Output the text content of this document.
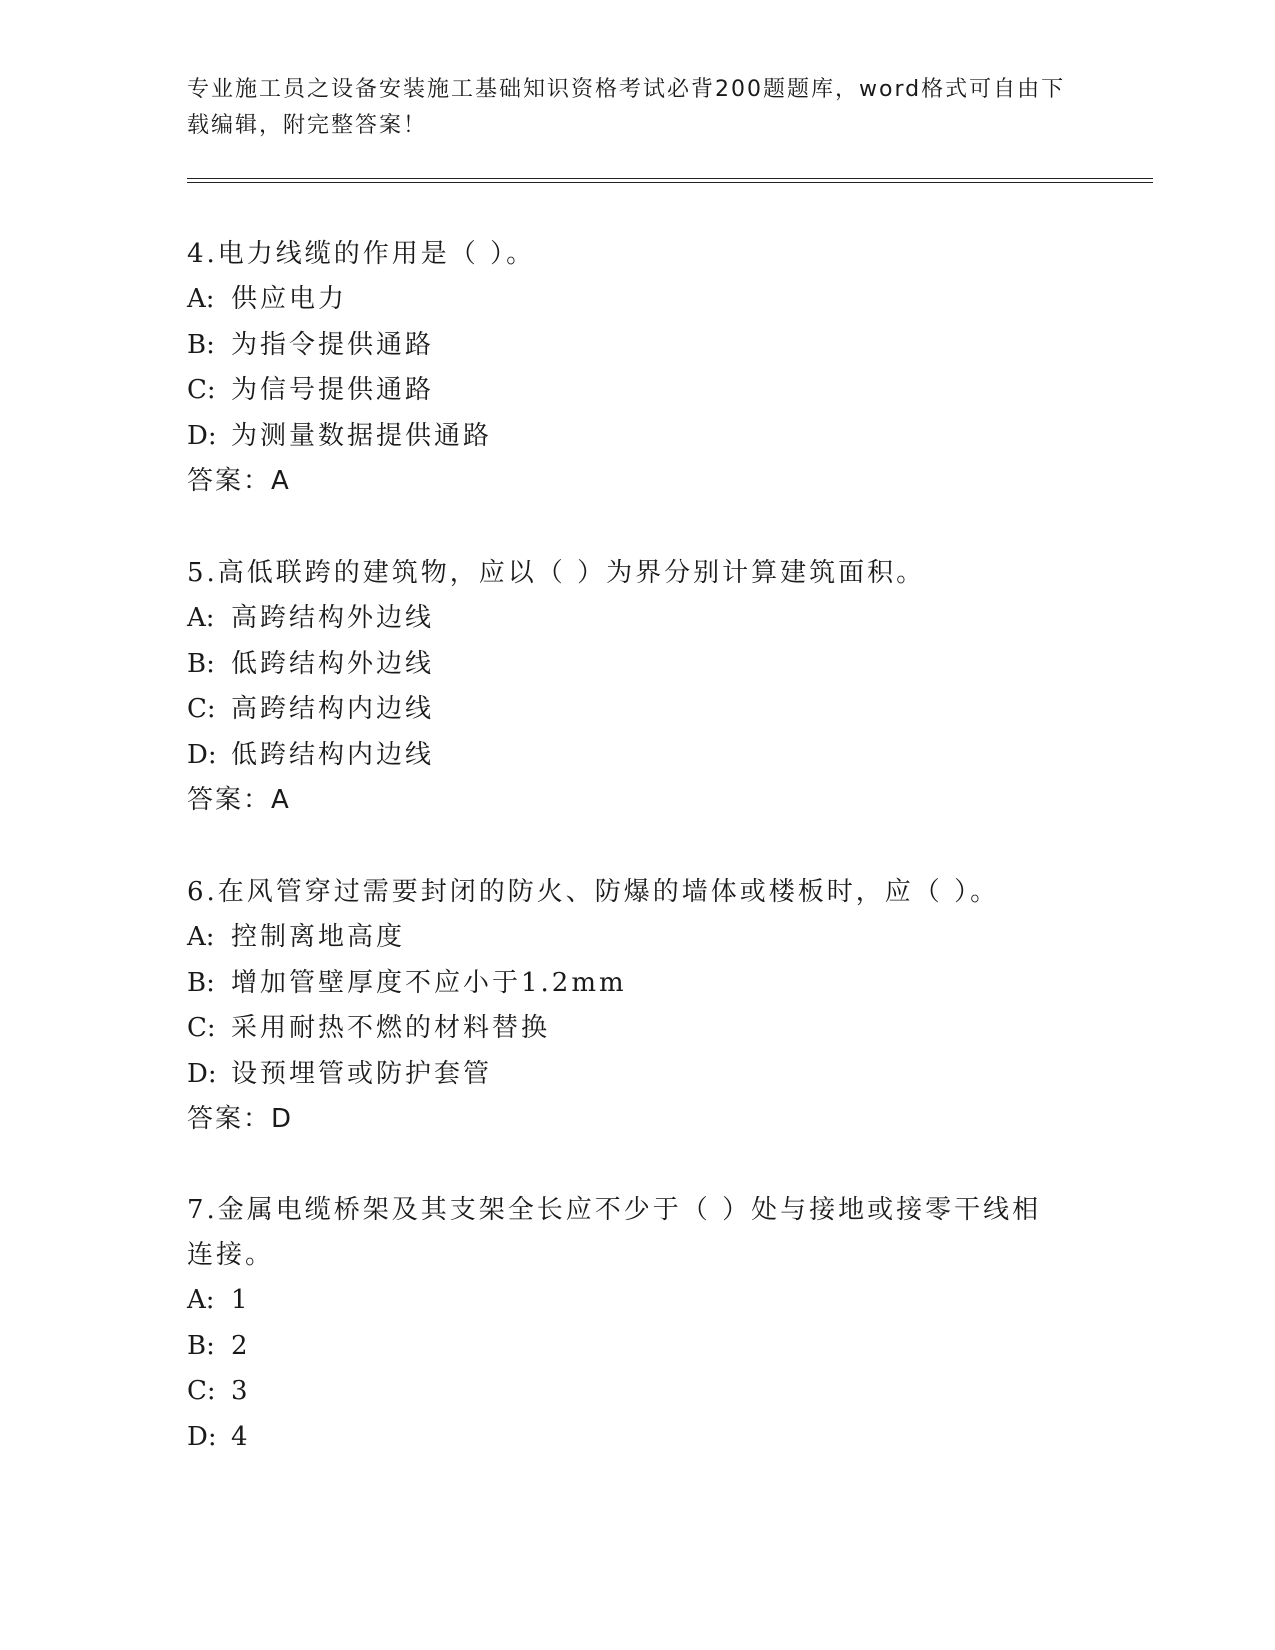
专业施工员之设备安装施工基础知识资格考试必背200题题库，word格式可自由下载编辑，附完整答案！

4.电力线缆的作用是（ ）。

A: 供应电力

B: 为指令提供通路

C: 为信号提供通路

D: 为测量数据提供通路

答案：A

5.高低联跨的建筑物，应以（ ）为界分别计算建筑面积。

A: 高跨结构外边线

B: 低跨结构外边线

C: 高跨结构内边线

D: 低跨结构内边线

答案：A

6.在风管穿过需要封闭的防火、防爆的墙体或楼板时，应（ ）。

A: 控制离地高度

B: 增加管壁厚度不应小于1.2mm

C: 采用耐热不燃的材料替换

D: 设预埋管或防护套管

答案：D

7.金属电缆桥架及其支架全长应不少于（ ）处与接地或接零干线相连接。

A: 1

B: 2

C: 3

D: 4
